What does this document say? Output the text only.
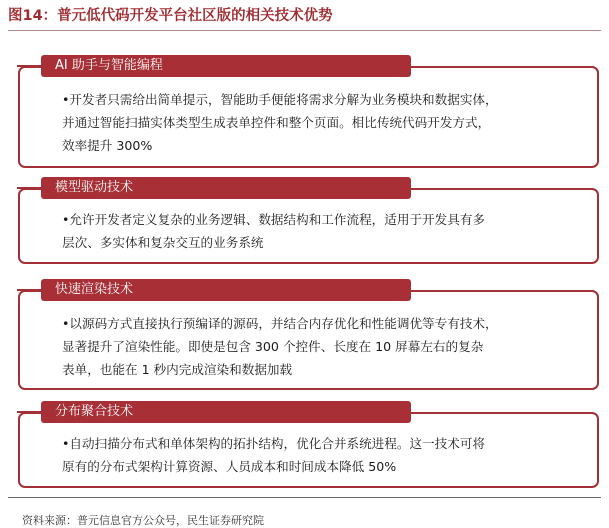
图14：普元低代码开发平台社区版的相关技术优势
AI 助手与智能编程
•开发者只需给出简单提示，智能助手便能将需求分解为业务模块和数据实体，
并通过智能扫描实体类型生成表单控件和整个页面。相比传统代码开发方式，
效率提升 300%
模型驱动技术
•允许开发者定义复杂的业务逻辑、数据结构和工作流程，适用于开发具有多
层次、多实体和复杂交互的业务系统
快速渲染技术
•以源码方式直接执行预编译的源码，并结合内存优化和性能调优等专有技术，
显著提升了渲染性能。即使是包含 300 个控件、长度在 10 屏幕左右的复杂
表单，也能在 1 秒内完成渲染和数据加载
分布聚合技术
•自动扫描分布式和单体架构的拓扑结构，优化合并系统进程。这一技术可将
原有的分布式架构计算资源、人员成本和时间成本降低 50%
资料来源：普元信息官方公众号，民生证券研究院
